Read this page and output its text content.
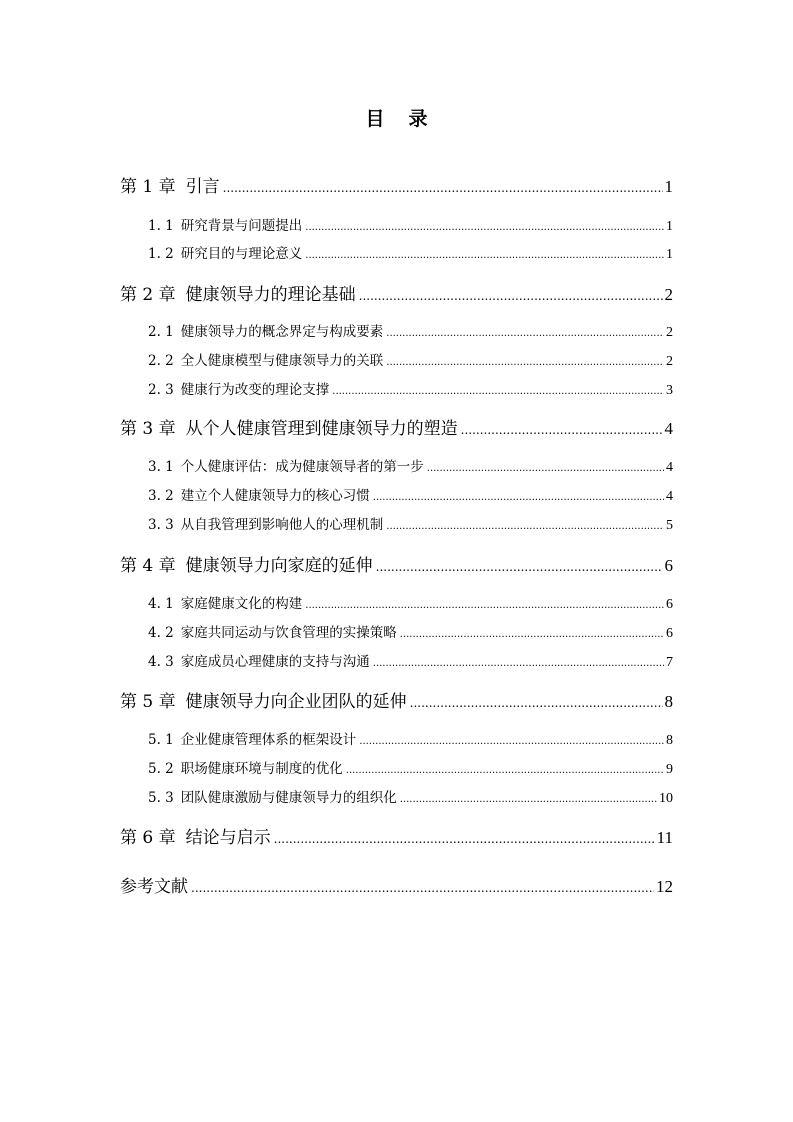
目 录
第 1 章 引言 .....	1
1. 1 研究背景与问题提出 .....	1
1. 2 研究目的与理论意义 .....	1
第 2 章 健康领导力的理论基础 .....	2
2. 1 健康领导力的概念界定与构成要素 .....	2
2. 2 全人健康模型与健康领导力的关联 .....	2
2. 3 健康行为改变的理论支撑 .....	3
第 3 章 从个人健康管理到健康领导力的塑造 .....	4
3. 1 个人健康评估：成为健康领导者的第一步 .....	4
3. 2 建立个人健康领导力的核心习惯 .....	4
3. 3 从自我管理到影响他人的心理机制 .....	5
第 4 章 健康领导力向家庭的延伸 .....	6
4. 1 家庭健康文化的构建 .....	6
4. 2 家庭共同运动与饮食管理的实操策略 .....	6
4. 3 家庭成员心理健康的支持与沟通 .....	7
第 5 章 健康领导力向企业团队的延伸 .....	8
5. 1 企业健康管理体系的框架设计 .....	8
5. 2 职场健康环境与制度的优化 .....	9
5. 3 团队健康激励与健康领导力的组织化 .....	10
第 6 章 结论与启示 .....	11
参考文献 .....	12
